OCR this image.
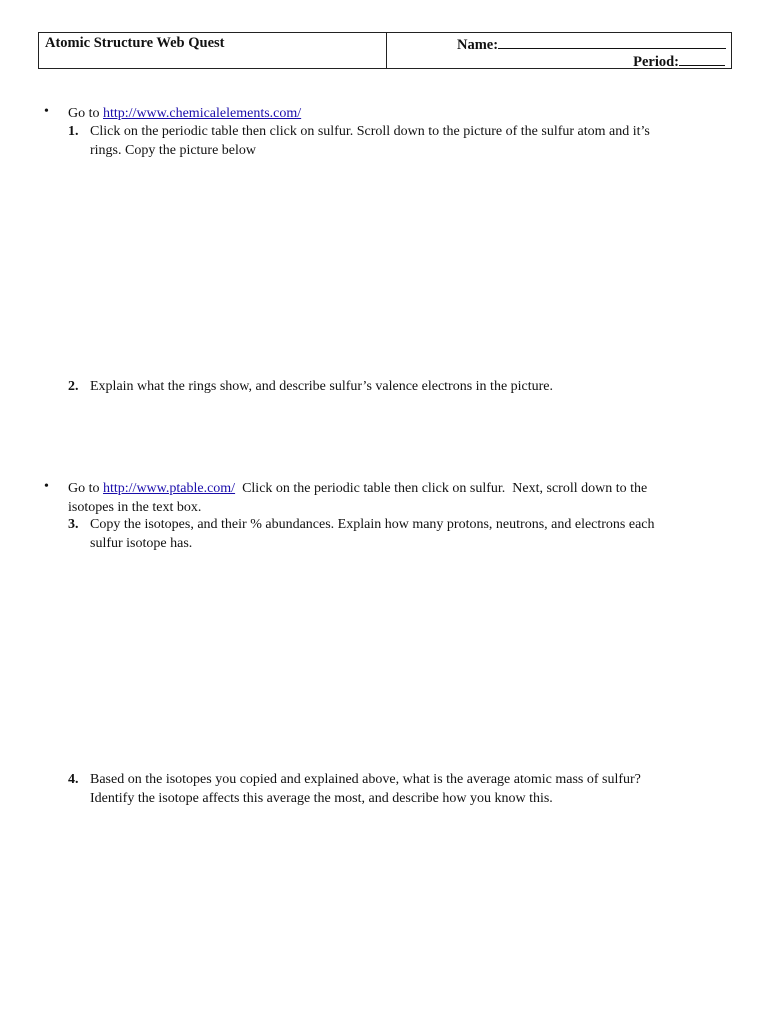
Atomic Structure Web Quest	Name:
Period:
• Go to http://www.chemicalelements.com/
1. Click on the periodic table then click on sulfur. Scroll down to the picture of the sulfur atom and it’s
rings. Copy the picture below
2. Explain what the rings show, and describe sulfur’s valence electrons in the picture.
• Go to http://www.ptable.com/  Click on the periodic table then click on sulfur.  Next, scroll down to the
isotopes in the text box.
3. Copy the isotopes, and their % abundances. Explain how many protons, neutrons, and electrons each
sulfur isotope has.
4. Based on the isotopes you copied and explained above, what is the average atomic mass of sulfur?
Identify the isotope affects this average the most, and describe how you know this.
